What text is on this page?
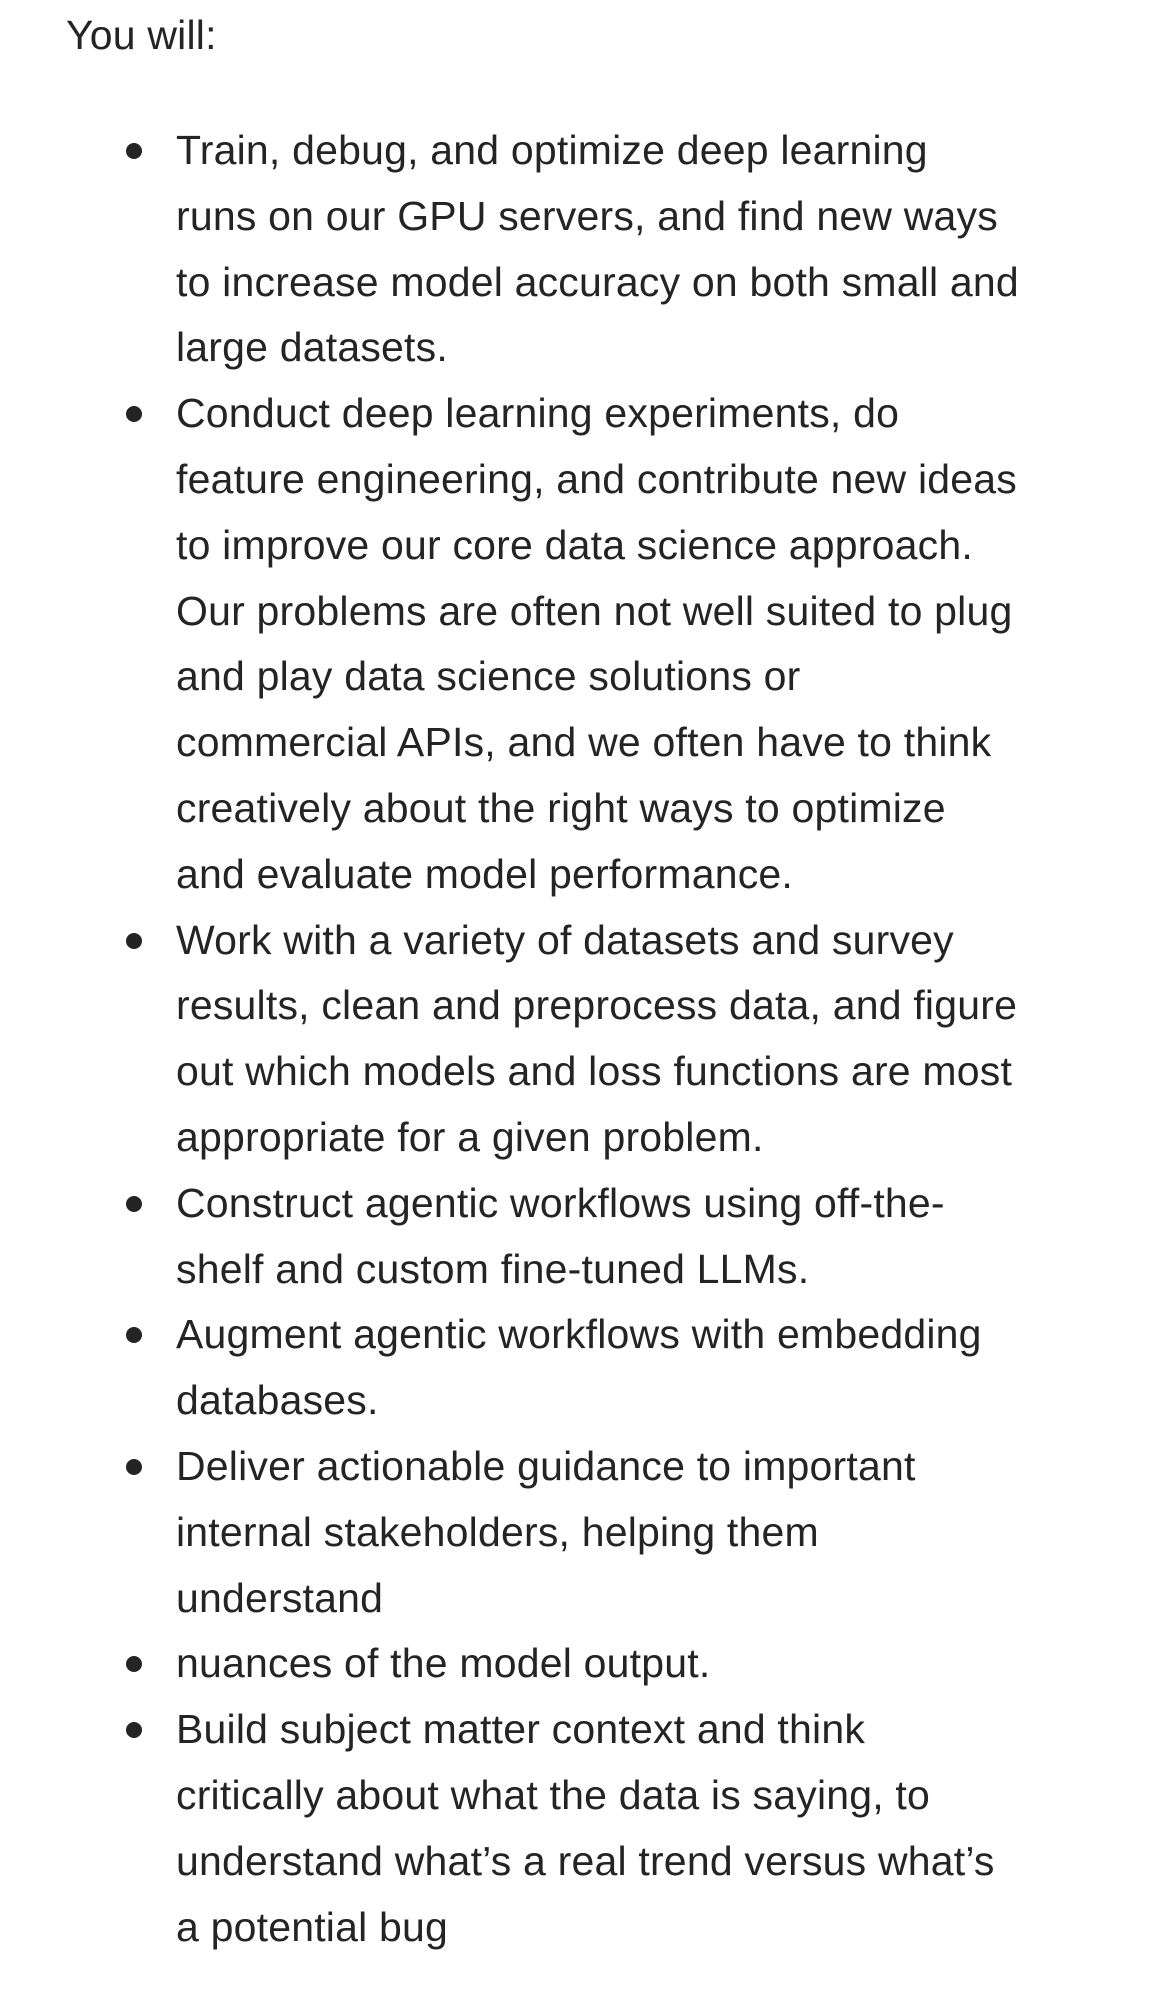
You will:

Train, debug, and optimize deep learning
runs on our GPU servers, and find new ways
to increase model accuracy on both small and
large datasets.
Conduct deep learning experiments, do
feature engineering, and contribute new ideas
to improve our core data science approach.
Our problems are often not well suited to plug
and play data science solutions or
commercial APIs, and we often have to think
creatively about the right ways to optimize
and evaluate model performance.
Work with a variety of datasets and survey
results, clean and preprocess data, and figure
out which models and loss functions are most
appropriate for a given problem.
Construct agentic workflows using off-the-
shelf and custom fine-tuned LLMs.
Augment agentic workflows with embedding
databases.
Deliver actionable guidance to important
internal stakeholders, helping them
understand
nuances of the model output.
Build subject matter context and think
critically about what the data is saying, to
understand what’s a real trend versus what’s
a potential bug
